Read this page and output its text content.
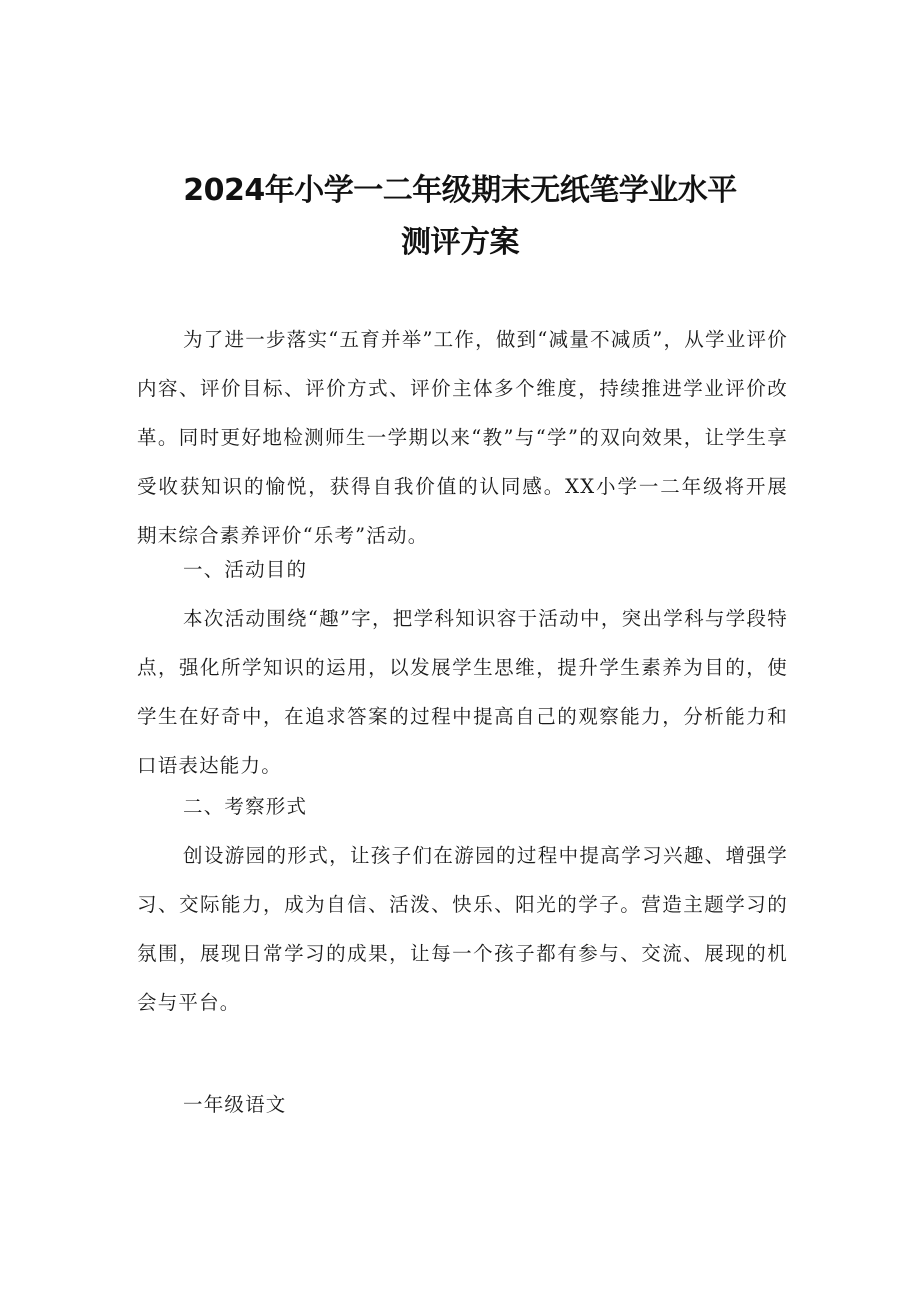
2024年小学一二年级期末无纸笔学业水平
测评方案

为了进一步落实“五育并举”工作，做到“减量不减质”，从学业评价内容、评价目标、评价方式、评价主体多个维度，持续推进学业评价改革。同时更好地检测师生一学期以来“教”与“学”的双向效果，让学生享受收获知识的愉悦，获得自我价值的认同感。XX小学一二年级将开展期末综合素养评价“乐考”活动。

一、活动目的

本次活动围绕“趣”字，把学科知识容于活动中，突出学科与学段特点，强化所学知识的运用，以发展学生思维，提升学生素养为目的，使学生在好奇中，在追求答案的过程中提高自己的观察能力，分析能力和口语表达能力。

二、考察形式

创设游园的形式，让孩子们在游园的过程中提高学习兴趣、增强学习、交际能力，成为自信、活泼、快乐、阳光的学子。营造主题学习的氛围，展现日常学习的成果，让每一个孩子都有参与、交流、展现的机会与平台。

一年级语文
